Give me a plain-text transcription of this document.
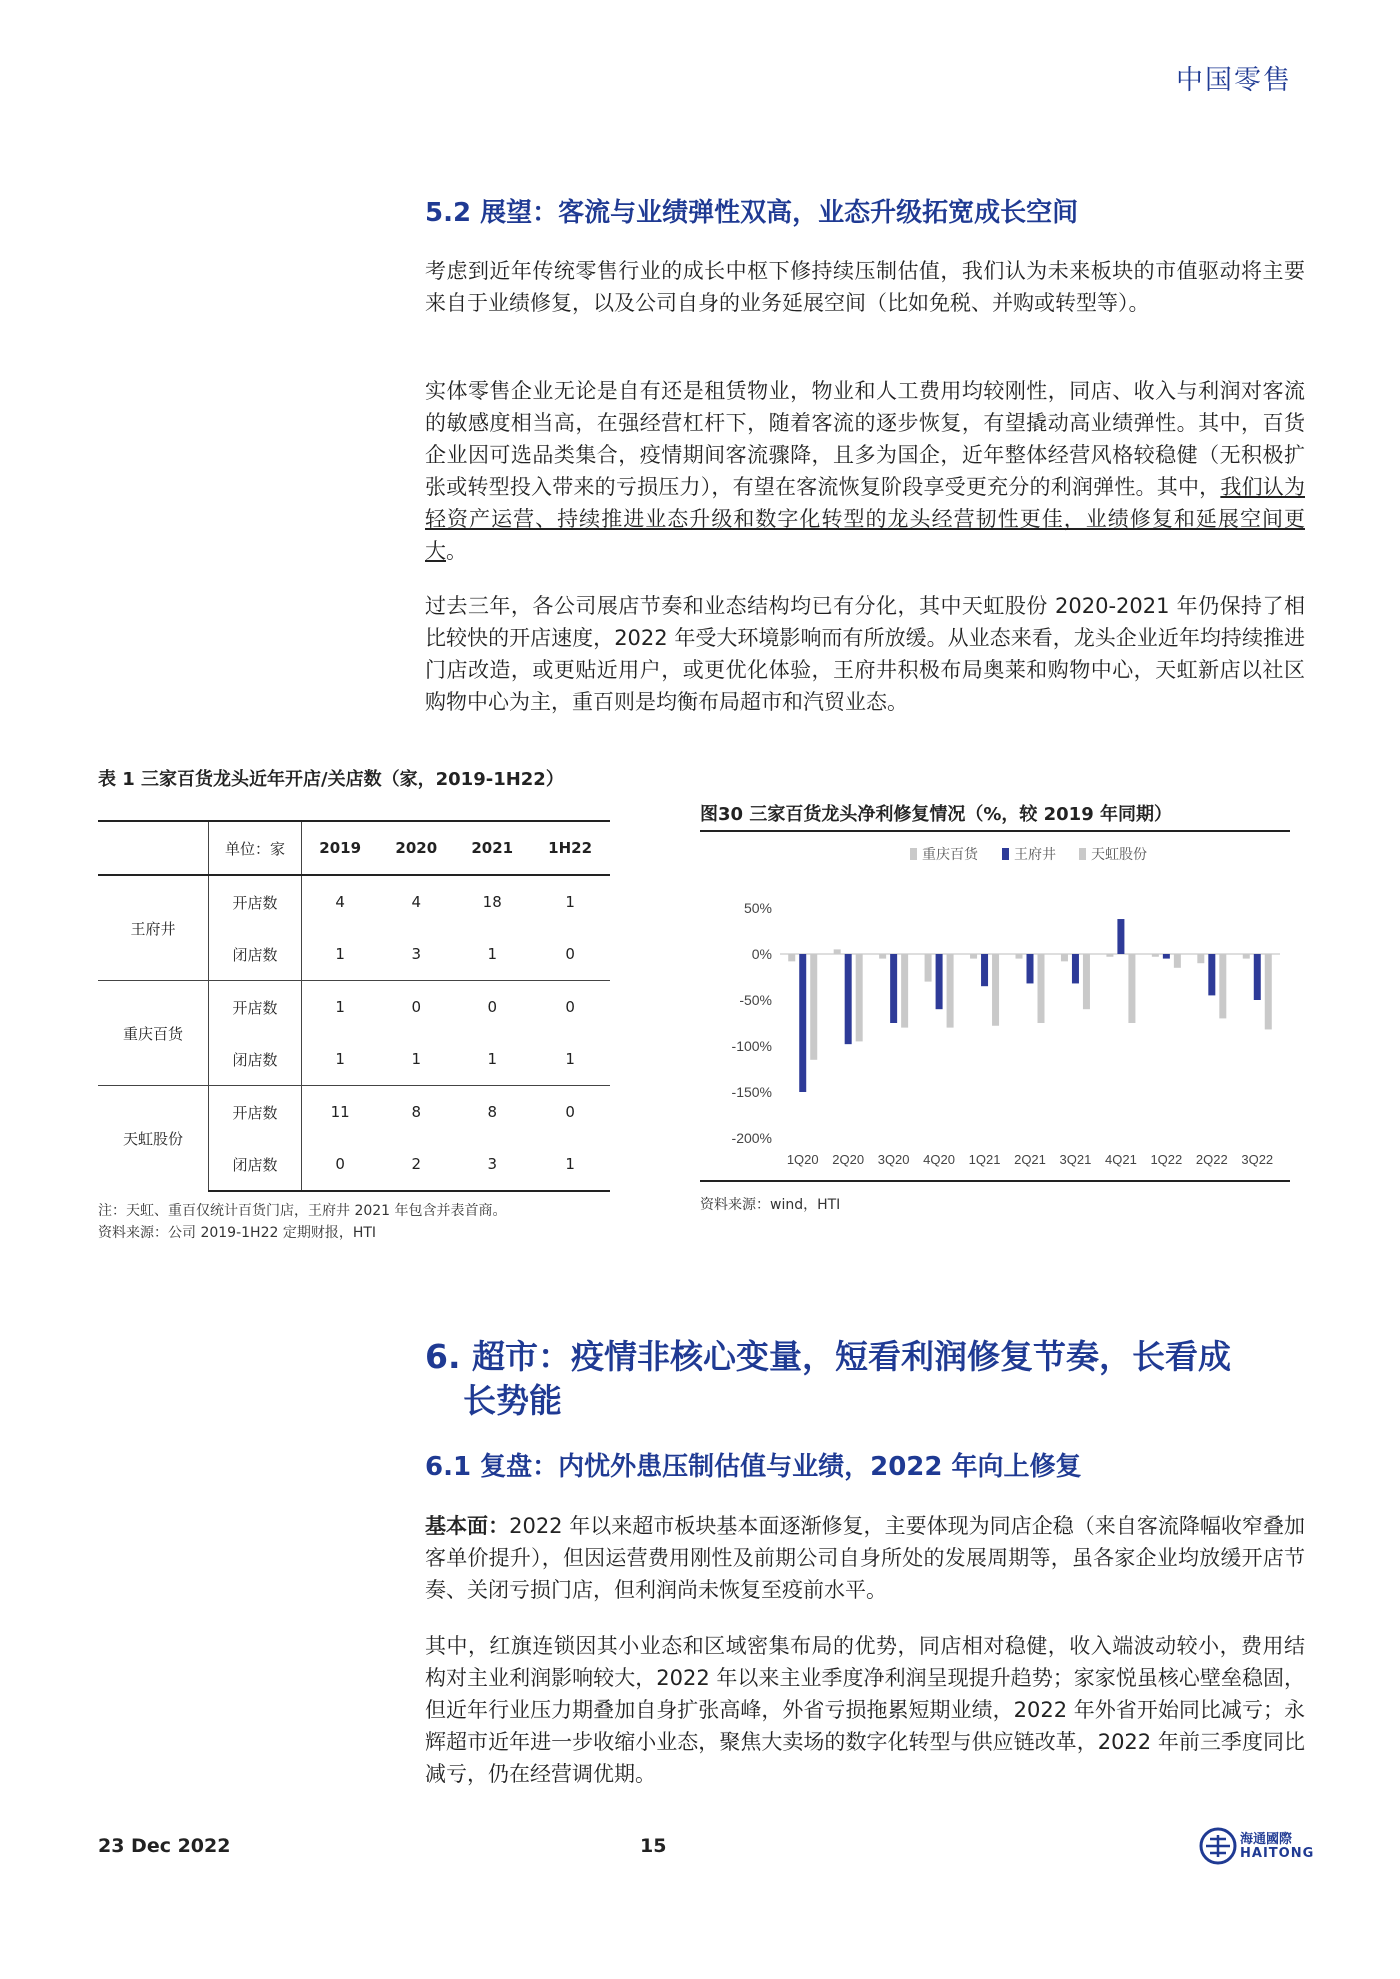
中国零售
5.2 展望：客流与业绩弹性双高，业态升级拓宽成长空间
考虑到近年传统零售行业的成长中枢下修持续压制估值，我们认为未来板块的市值驱动将主要来自于业绩修复，以及公司自身的业务延展空间（比如免税、并购或转型等）。
实体零售企业无论是自有还是租赁物业，物业和人工费用均较刚性，同店、收入与利润对客流的敏感度相当高，在强经营杠杆下，随着客流的逐步恢复，有望撬动高业绩弹性。其中，百货企业因可选品类集合，疫情期间客流骤降，且多为国企，近年整体经营风格较稳健（无积极扩张或转型投入带来的亏损压力），有望在客流恢复阶段享受更充分的利润弹性。其中，我们认为轻资产运营、持续推进业态升级和数字化转型的龙头经营韧性更佳，业绩修复和延展空间更大。
过去三年，各公司展店节奏和业态结构均已有分化，其中天虹股份 2020-2021 年仍保持了相比较快的开店速度，2022 年受大环境影响而有所放缓。从业态来看，龙头企业近年均持续推进门店改造，或更贴近用户，或更优化体验，王府井积极布局奥莱和购物中心，天虹新店以社区购物中心为主，重百则是均衡布局超市和汽贸业态。
表 1 三家百货龙头近年开店/关店数（家，2019-1H22）
	单位：家	2019	2020	2021	1H22
王府井	开店数	4	4	18	1
	闭店数	1	3	1	0
重庆百货	开店数	1	0	0	0
	闭店数	1	1	1	1
天虹股份	开店数	11	8	8	0
	闭店数	0	2	3	1
注：天虹、重百仅统计百货门店，王府井 2021 年包含并表首商。
资料来源：公司 2019-1H22 定期财报，HTI
图30 三家百货龙头净利修复情况（%，较 2019 年同期）
重庆百货	王府井	天虹股份
50%
0%
-50%
-100%
-150%
-200%
1Q20 2Q20 3Q20 4Q20 1Q21 2Q21 3Q21 4Q21 1Q22 2Q22 3Q22
资料来源：wind，HTI
6. 超市：疫情非核心变量，短看利润修复节奏，长看成
长势能
6.1 复盘：内忧外患压制估值与业绩，2022 年向上修复
基本面：2022 年以来超市板块基本面逐渐修复，主要体现为同店企稳（来自客流降幅收窄叠加客单价提升），但因运营费用刚性及前期公司自身所处的发展周期等，虽各家企业均放缓开店节奏、关闭亏损门店，但利润尚未恢复至疫前水平。
其中，红旗连锁因其小业态和区域密集布局的优势，同店相对稳健，收入端波动较小，费用结构对主业利润影响较大，2022 年以来主业季度净利润呈现提升趋势；家家悦虽核心壁垒稳固，但近年行业压力期叠加自身扩张高峰，外省亏损拖累短期业绩，2022 年外省开始同比减亏；永辉超市近年进一步收缩小业态，聚焦大卖场的数字化转型与供应链改革，2022 年前三季度同比减亏，仍在经营调优期。
23 Dec 2022	15	海通國際
HAITONG
